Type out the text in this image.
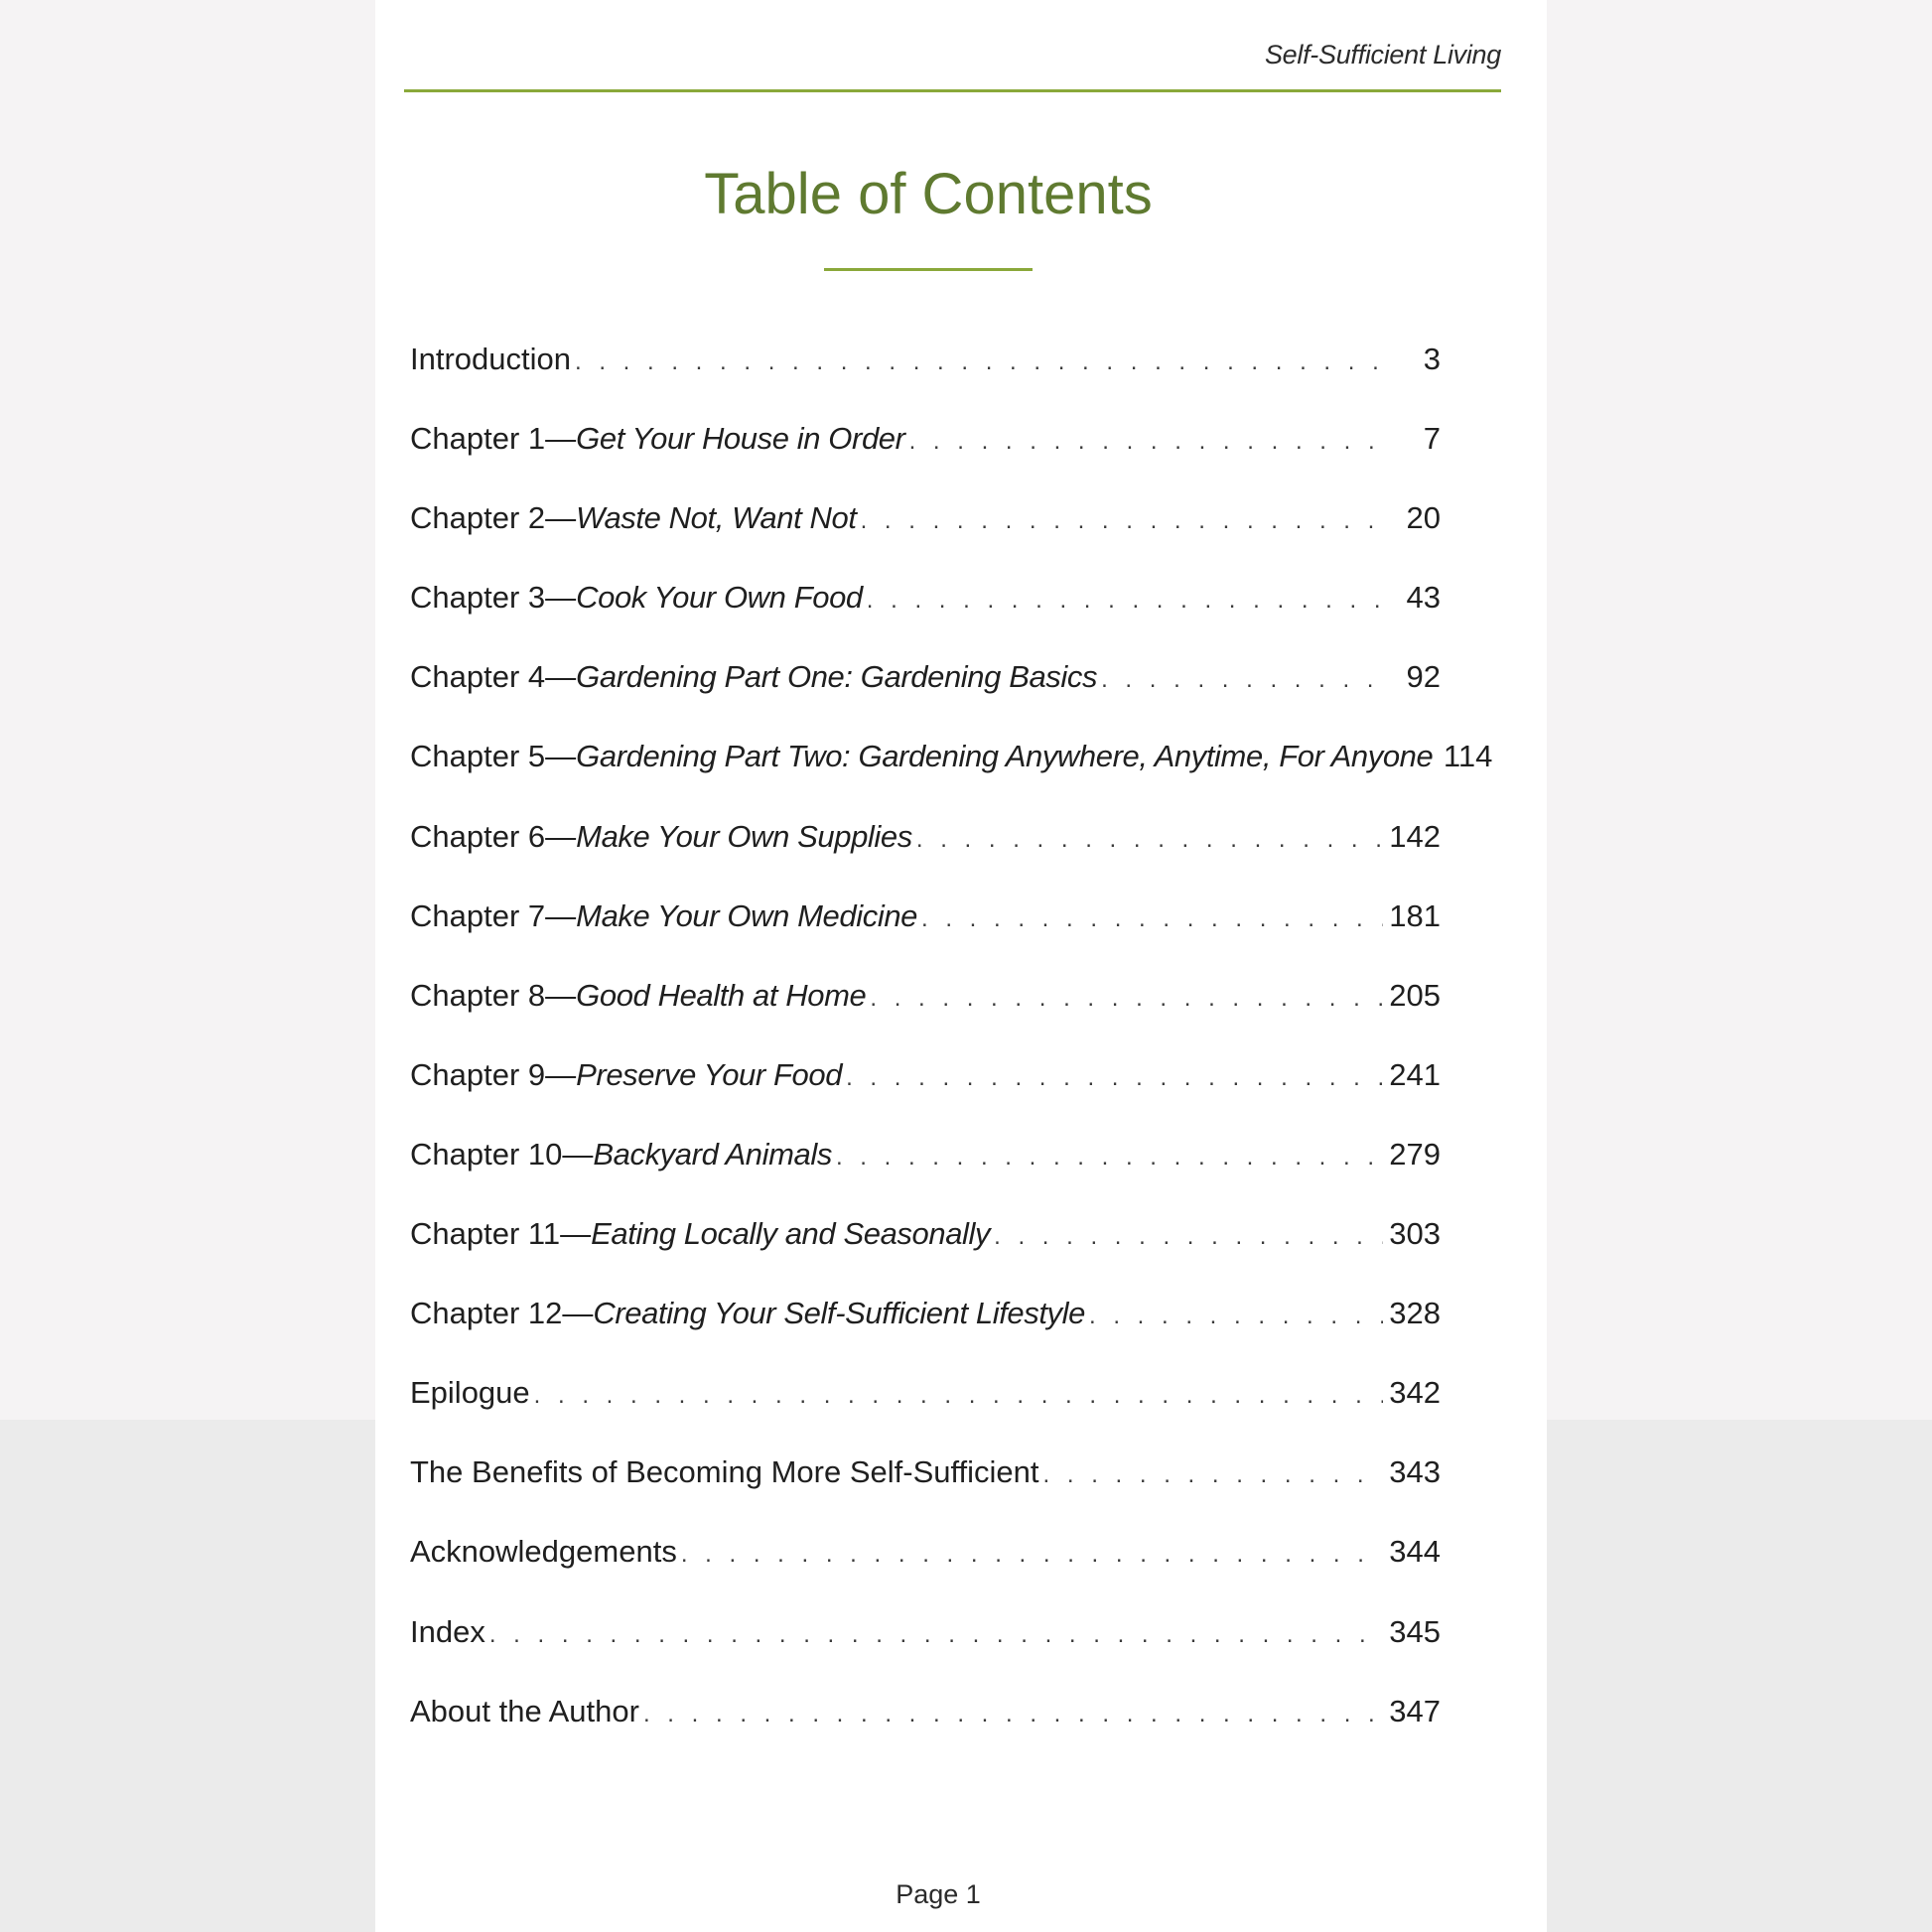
Self-Sufficient Living
Table of Contents
Introduction . . .	3
Chapter 1—Get Your House in Order . . .	7
Chapter 2—Waste Not, Want Not . . .	20
Chapter 3—Cook Your Own Food . . .	43
Chapter 4—Gardening Part One: Gardening Basics . . .	92
Chapter 5—Gardening Part Two: Gardening Anywhere, Anytime, For Anyone 114
Chapter 6—Make Your Own Supplies . . .	142
Chapter 7—Make Your Own Medicine . . .	181
Chapter 8—Good Health at Home . . .	205
Chapter 9—Preserve Your Food . . .	241
Chapter 10—Backyard Animals . . .	279
Chapter 11—Eating Locally and Seasonally . . .	303
Chapter 12—Creating Your Self-Sufficient Lifestyle . . .	328
Epilogue . . .	342
The Benefits of Becoming More Self-Sufficient . . .	343
Acknowledgements . . .	344
Index . . .	345
About the Author . . .	347
Page 1
